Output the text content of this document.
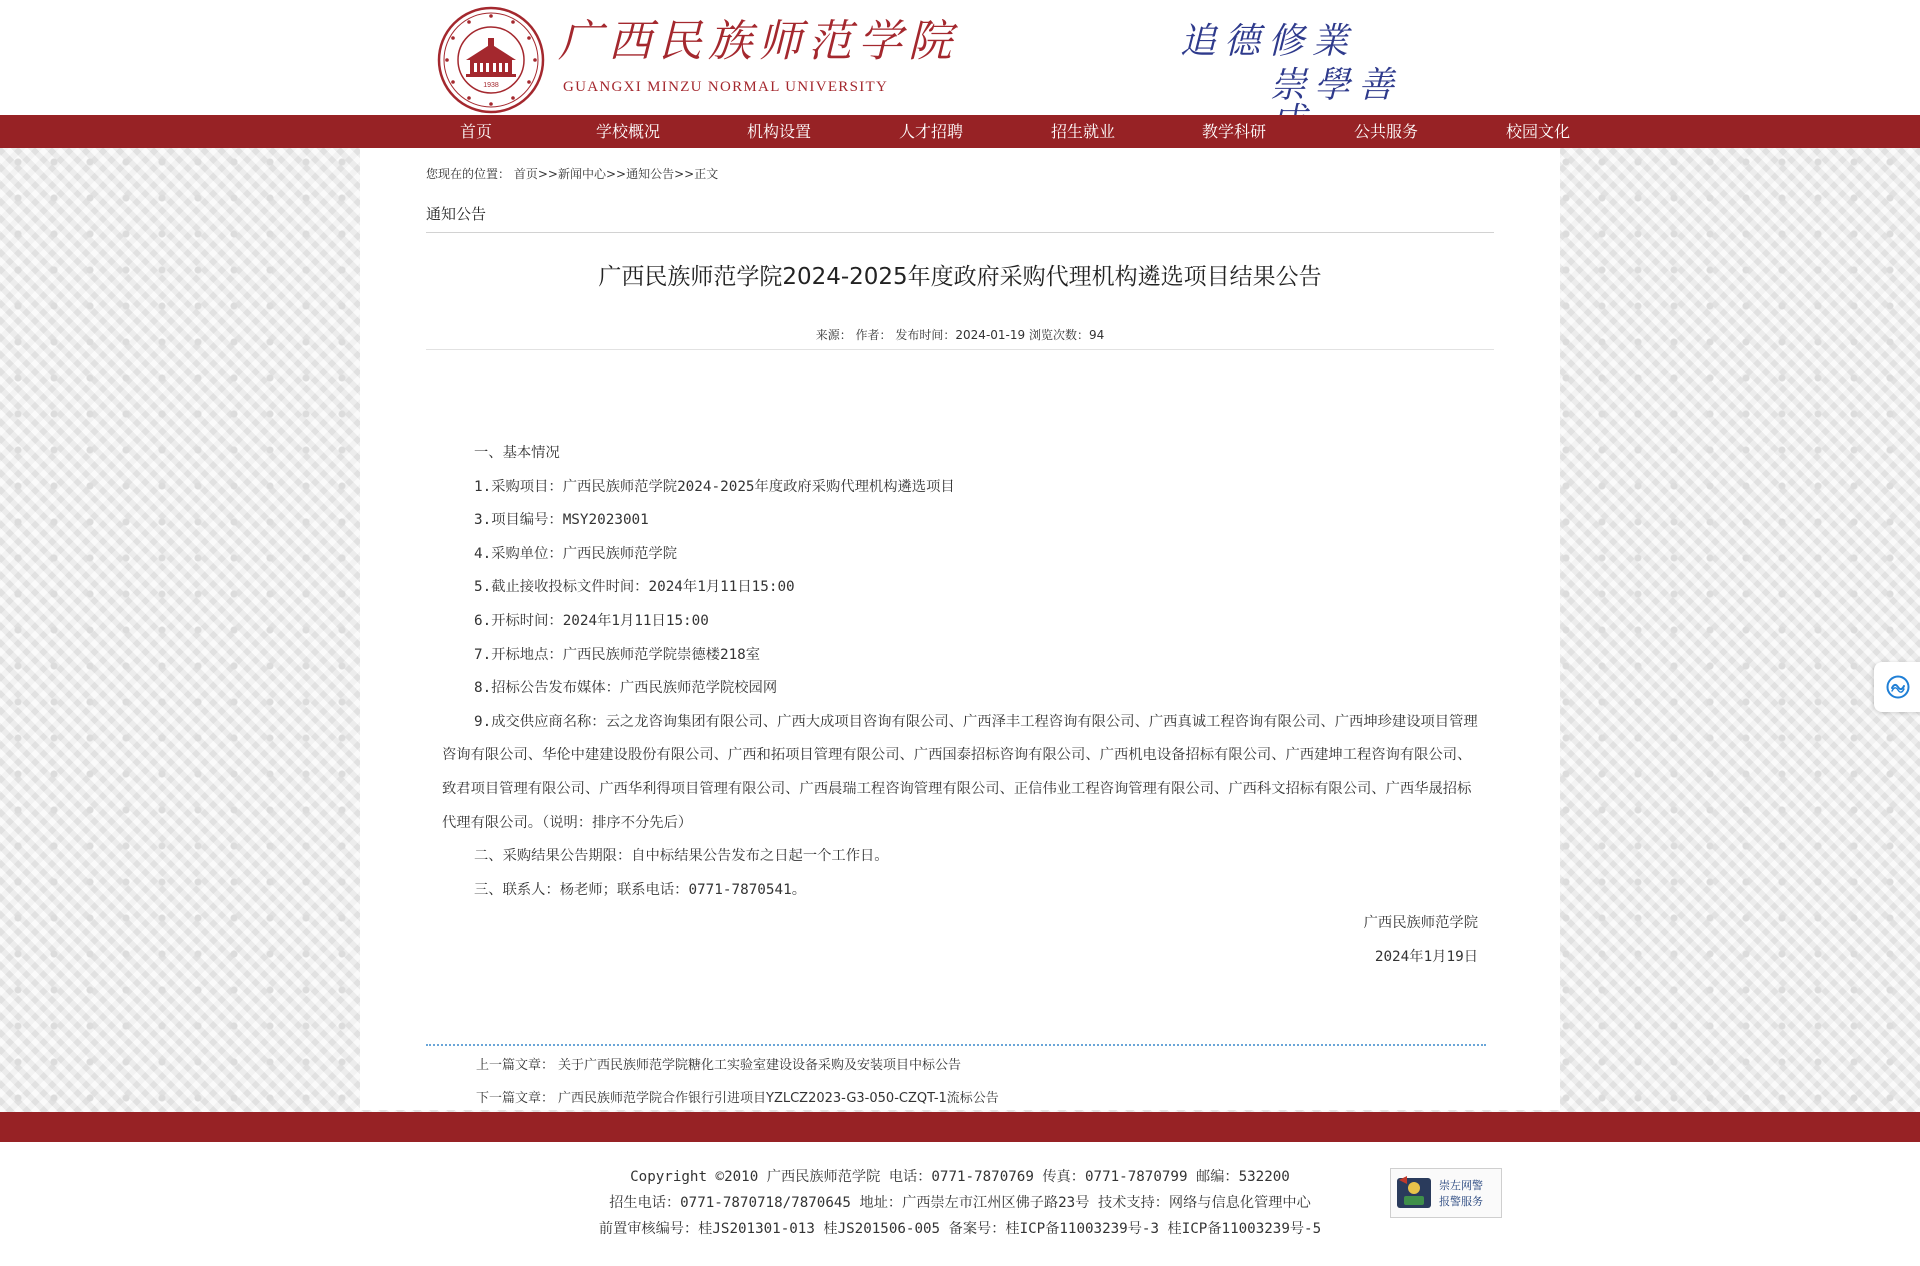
1938
广西民族师范学院
GUANGXI MINZU NORMAL UNIVERSITY
追德修業
崇學善
首页	学校概况	机构设置	人才招聘	招生就业	教学科研	公共服务	校园文化
您现在的位置： 首页>>新闻中心>>通知公告>>正文
通知公告
广西民族师范学院2024-2025年度政府采购代理机构遴选项目结果公告
来源： 作者： 发布时间：2024-01-19 浏览次数：94

一、基本情况

1.采购项目：广西民族师范学院2024-2025年度政府采购代理机构遴选项目

3.项目编号：MSY2023001

4.采购单位：广西民族师范学院

5.截止接收投标文件时间：2024年1月11日15:00

6.开标时间：2024年1月11日15:00

7.开标地点：广西民族师范学院崇德楼218室

8.招标公告发布媒体：广西民族师范学院校园网

9.成交供应商名称：云之龙咨询集团有限公司、广西大成项目咨询有限公司、广西泽丰工程咨询有限公司、广西真诚工程咨询有限公司、广西坤珍建设项目管理咨询有限公司、华伦中建建设股份有限公司、广西和拓项目管理有限公司、广西国泰招标咨询有限公司、广西机电设备招标有限公司、广西建坤工程咨询有限公司、致君项目管理有限公司、广西华利得项目管理有限公司、广西晨瑞工程咨询管理有限公司、正信伟业工程咨询管理有限公司、广西科文招标有限公司、广西华晟招标代理有限公司。（说明：排序不分先后）

二、采购结果公告期限：自中标结果公告发布之日起一个工作日。

三、联系人：杨老师；联系电话：0771-7870541。

广西民族师范学院

2024年1月19日

上一篇文章： 关于广西民族师范学院糖化工实验室建设设备采购及安装项目中标公告
下一篇文章： 广西民族师范学院合作银行引进项目YZLCZ2023-G3-050-CZQT-1流标公告
Copyright ©2010 广西民族师范学院 电话：0771-7870769 传真：0771-7870799 邮编：532200
招生电话：0771-7870718/7870645 地址：广西崇左市江州区佛子路23号 技术支持：网络与信息化管理中心
前置审核编号：桂JS201301-013 桂JS201506-005 备案号：桂ICP备11003239号-3 桂ICP备11003239号-5
崇左网警
报警服务
